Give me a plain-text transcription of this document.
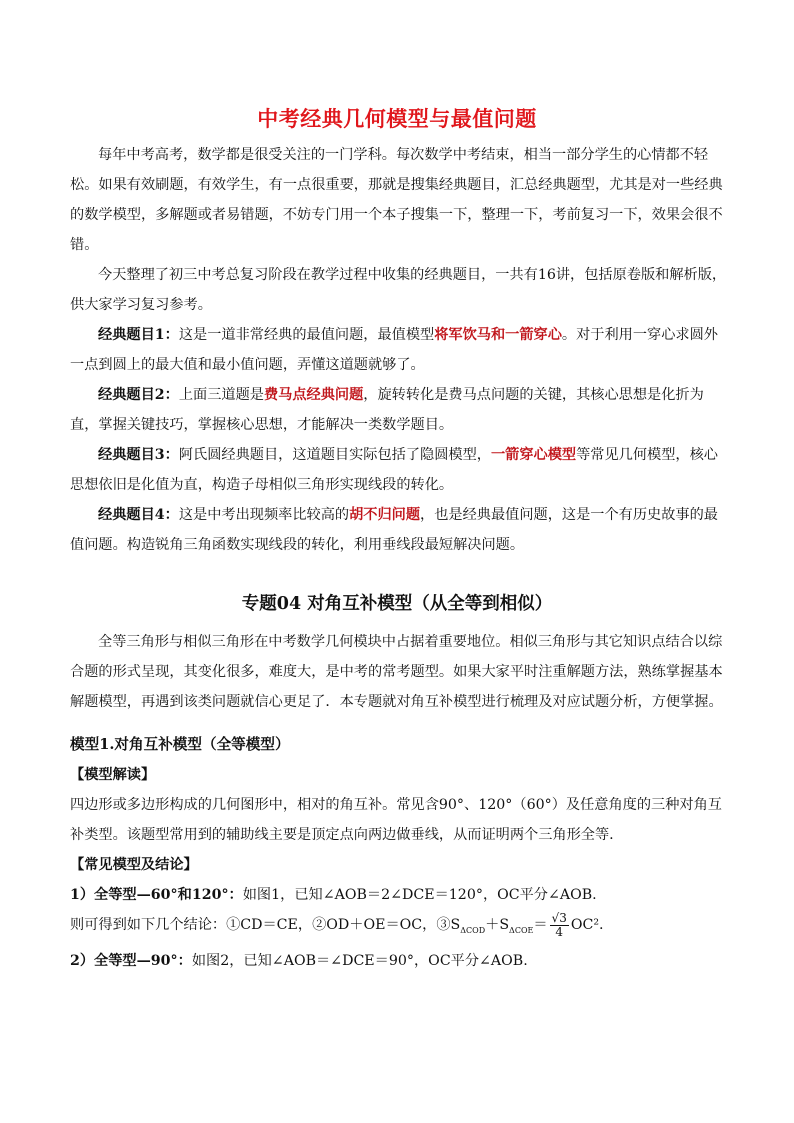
中考经典几何模型与最值问题

每年中考高考，数学都是很受关注的一门学科。每次数学中考结束，相当一部分学生的心情都不轻松。如果有效刷题，有效学生，有一点很重要，那就是搜集经典题目，汇总经典题型，尤其是对一些经典的数学模型，多解题或者易错题，不妨专门用一个本子搜集一下，整理一下，考前复习一下，效果会很不错。

今天整理了初三中考总复习阶段在教学过程中收集的经典题目，一共有16讲，包括原卷版和解析版，供大家学习复习参考。

经典题目1：这是一道非常经典的最值问题，最值模型将军饮马和一箭穿心。对于利用一穿心求圆外一点到圆上的最大值和最小值问题，弄懂这道题就够了。

经典题目2：上面三道题是费马点经典问题，旋转转化是费马点问题的关键，其核心思想是化折为直，掌握关键技巧，掌握核心思想，才能解决一类数学题目。

经典题目3：阿氏圆经典题目，这道题目实际包括了隐圆模型，一箭穿心模型等常见几何模型，核心思想依旧是化值为直，构造子母相似三角形实现线段的转化。

经典题目4：这是中考出现频率比较高的胡不归问题，也是经典最值问题，这是一个有历史故事的最值问题。构造锐角三角函数实现线段的转化，利用垂线段最短解决问题。

专题04 对角互补模型（从全等到相似）

全等三角形与相似三角形在中考数学几何模块中占据着重要地位。相似三角形与其它知识点结合以综合题的形式呈现，其变化很多，难度大，是中考的常考题型。如果大家平时注重解题方法，熟练掌握基本解题模型，再遇到该类问题就信心更足了．本专题就对角互补模型进行梳理及对应试题分析，方便掌握。

模型1.对角互补模型（全等模型）

【模型解读】

四边形或多边形构成的几何图形中，相对的角互补。常见含90°、120°（60°）及任意角度的三种对角互补类型。该题型常用到的辅助线主要是顶定点向两边做垂线，从而证明两个三角形全等.

【常见模型及结论】

1）全等型—60°和120°：如图1，已知∠AOB＝2∠DCE＝120°，OC平分∠AOB.

则可得到如下几个结论：①CD＝CE，②OD＋OE＝OC，$③S_{\Delta COD}+S_{\Delta COE}= \frac{√3}{4} OC^2$.

2）全等型—90°：如图2，已知∠AOB＝∠DCE＝90°，OC平分∠AOB.
